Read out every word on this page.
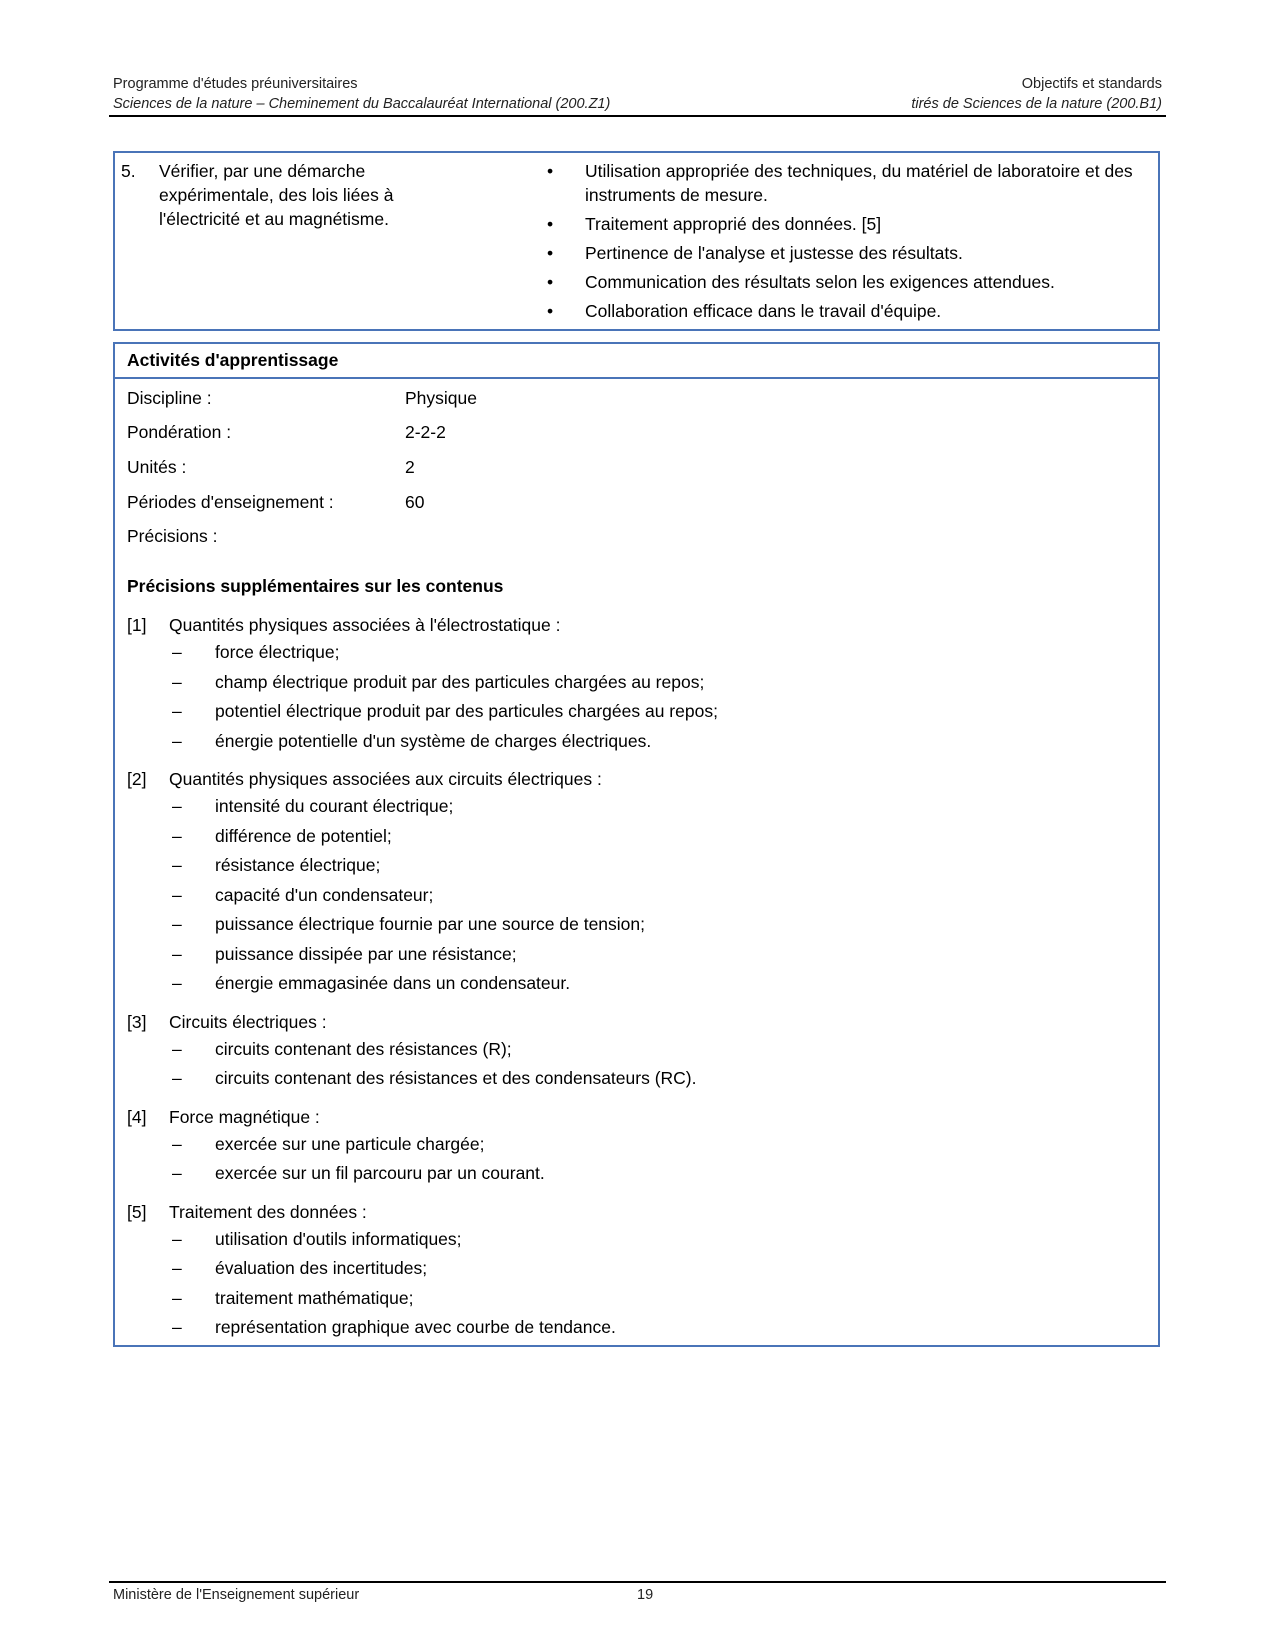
Programme d'études préuniversitaires	Objectifs et standards
Sciences de la nature – Cheminement du Baccalauréat International (200.Z1)	tirés de Sciences de la nature (200.B1)
5. Vérifier, par une démarche expérimentale, des lois liées à l'électricité et au magnétisme.
• Utilisation appropriée des techniques, du matériel de laboratoire et des instruments de mesure.
• Traitement approprié des données. [5]
• Pertinence de l'analyse et justesse des résultats.
• Communication des résultats selon les exigences attendues.
• Collaboration efficace dans le travail d'équipe.
Activités d'apprentissage
Discipline :	Physique
Pondération :	2-2-2
Unités :	2
Périodes d'enseignement :	60
Précisions :
Précisions supplémentaires sur les contenus
[1] Quantités physiques associées à l'électrostatique :
– force électrique;
– champ électrique produit par des particules chargées au repos;
– potentiel électrique produit par des particules chargées au repos;
– énergie potentielle d'un système de charges électriques.
[2] Quantités physiques associées aux circuits électriques :
– intensité du courant électrique;
– différence de potentiel;
– résistance électrique;
– capacité d'un condensateur;
– puissance électrique fournie par une source de tension;
– puissance dissipée par une résistance;
– énergie emmagasinée dans un condensateur.
[3] Circuits électriques :
– circuits contenant des résistances (R);
– circuits contenant des résistances et des condensateurs (RC).
[4] Force magnétique :
– exercée sur une particule chargée;
– exercée sur un fil parcouru par un courant.
[5] Traitement des données :
– utilisation d'outils informatiques;
– évaluation des incertitudes;
– traitement mathématique;
– représentation graphique avec courbe de tendance.
Ministère de l'Enseignement supérieur	19
